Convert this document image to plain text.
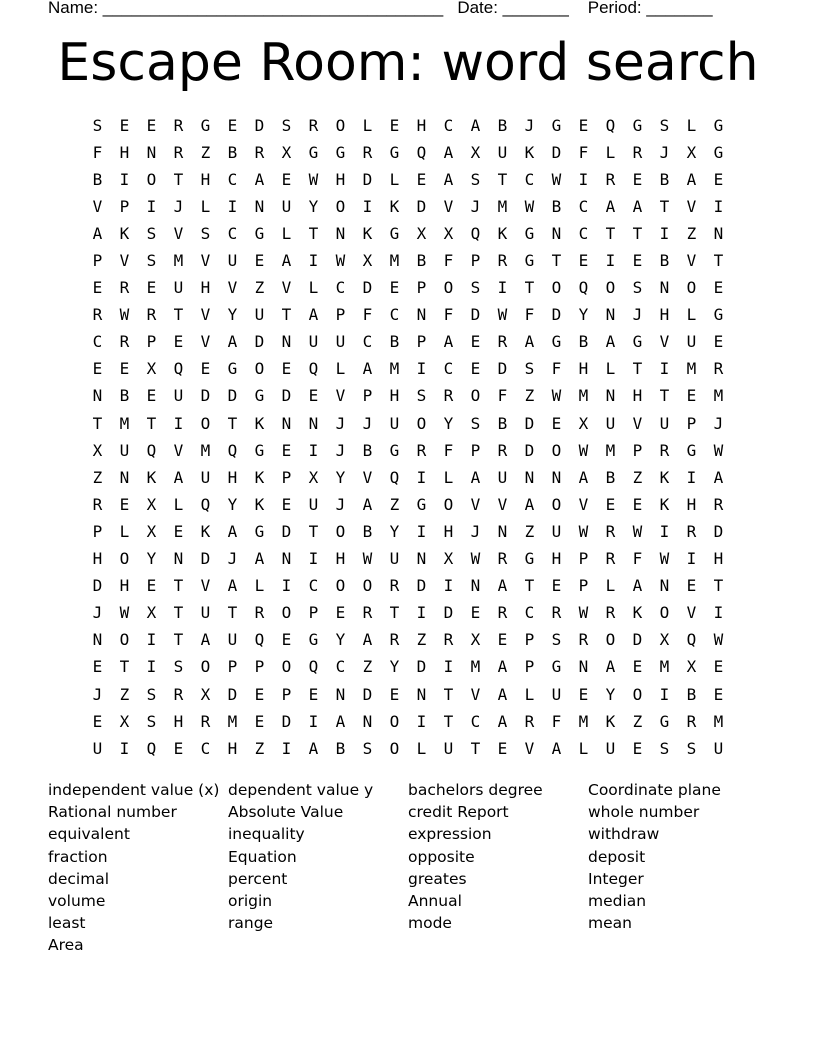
Name: ____________________________________   Date: _______    Period: _______
Escape Room: word search
S	E	E	R	G	E	D	S	R	O	L	E	H	C	A	B	J	G	E	Q	G	S	L	G
F	H	N	R	Z	B	R	X	G	G	R	G	Q	A	X	U	K	D	F	L	R	J	X	G
B	I	O	T	H	C	A	E	W	H	D	L	E	A	S	T	C	W	I	R	E	B	A	E
V	P	I	J	L	I	N	U	Y	O	I	K	D	V	J	M	W	B	C	A	A	T	V	I
A	K	S	V	S	C	G	L	T	N	K	G	X	X	Q	K	G	N	C	T	T	I	Z	N
P	V	S	M	V	U	E	A	I	W	X	M	B	F	P	R	G	T	E	I	E	B	V	T
E	R	E	U	H	V	Z	V	L	C	D	E	P	O	S	I	T	O	Q	O	S	N	O	E
R	W	R	T	V	Y	U	T	A	P	F	C	N	F	D	W	F	D	Y	N	J	H	L	G
C	R	P	E	V	A	D	N	U	U	C	B	P	A	E	R	A	G	B	A	G	V	U	E
E	E	X	Q	E	G	O	E	Q	L	A	M	I	C	E	D	S	F	H	L	T	I	M	R
N	B	E	U	D	D	G	D	E	V	P	H	S	R	O	F	Z	W	M	N	H	T	E	M
T	M	T	I	O	T	K	N	N	J	J	U	O	Y	S	B	D	E	X	U	V	U	P	J
X	U	Q	V	M	Q	G	E	I	J	B	G	R	F	P	R	D	O	W	M	P	R	G	W
Z	N	K	A	U	H	K	P	X	Y	V	Q	I	L	A	U	N	N	A	B	Z	K	I	A
R	E	X	L	Q	Y	K	E	U	J	A	Z	G	O	V	V	A	O	V	E	E	K	H	R
P	L	X	E	K	A	G	D	T	O	B	Y	I	H	J	N	Z	U	W	R	W	I	R	D
H	O	Y	N	D	J	A	N	I	H	W	U	N	X	W	R	G	H	P	R	F	W	I	H
D	H	E	T	V	A	L	I	C	O	O	R	D	I	N	A	T	E	P	L	A	N	E	T
J	W	X	T	U	T	R	O	P	E	R	T	I	D	E	R	C	R	W	R	K	O	V	I
N	O	I	T	A	U	Q	E	G	Y	A	R	Z	R	X	E	P	S	R	O	D	X	Q	W
E	T	I	S	O	P	P	O	Q	C	Z	Y	D	I	M	A	P	G	N	A	E	M	X	E
J	Z	S	R	X	D	E	P	E	N	D	E	N	T	V	A	L	U	E	Y	O	I	B	E
E	X	S	H	R	M	E	D	I	A	N	O	I	T	C	A	R	F	M	K	Z	G	R	M
U	I	Q	E	C	H	Z	I	A	B	S	O	L	U	T	E	V	A	L	U	E	S	S	U
independent value (x)
Rational number
equivalent
fraction
decimal
volume
least
Area
dependent value y
Absolute Value
inequality
Equation
percent
origin
range
bachelors degree
credit Report
expression
opposite
greates
Annual
mode
Coordinate plane
whole number
withdraw
deposit
Integer
median
mean
